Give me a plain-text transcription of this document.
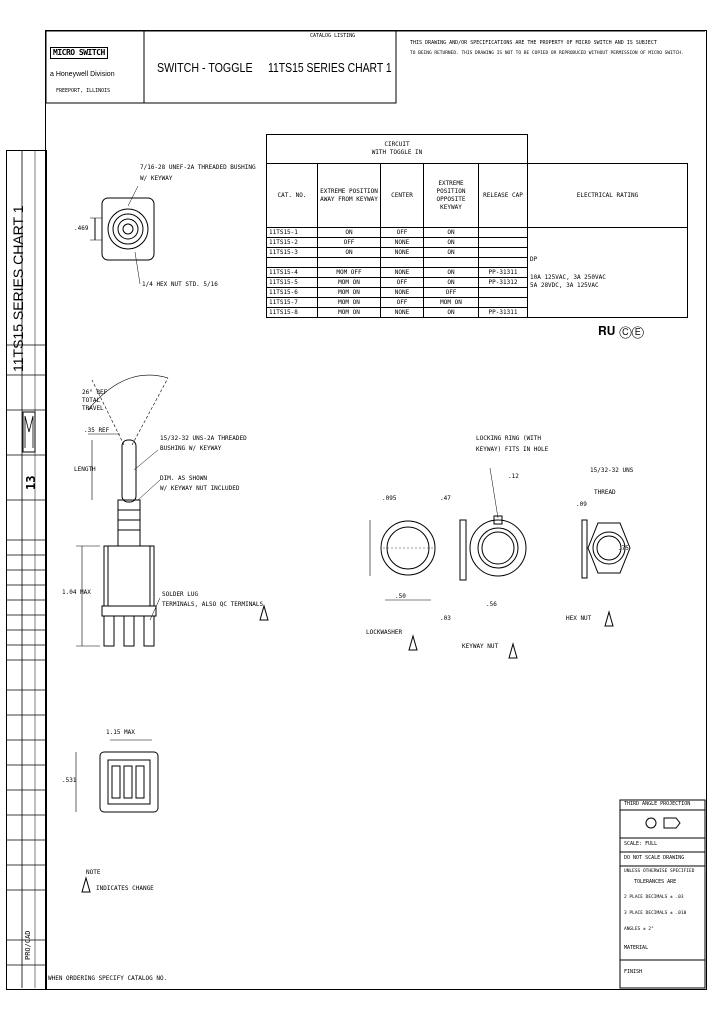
𝐑𝐔 ⒸⒺ
MICRO SWITCH
a Honeywell Division
FREEPORT, ILLINOIS
CATALOG LISTING
SWITCH - TOGGLE 11TS15 SERIES CHART 1
THIS DRAWING AND/OR SPECIFICATIONS ARE THE PROPERTY OF MICRO SWITCH AND IS SUBJECT
TO BEING RETURNED. THIS DRAWING IS NOT TO BE COPIED OR REPRODUCED WITHOUT PERMISSION OF MICRO SWITCH.
11TS15 SERIES CHART 1
13
PRO/CAD
CIRCUIT
WITH TOGGLE IN					
CAT. NO.	EXTREME POSITION AWAY FROM KEYWAY	CENTER	EXTREME POSITION OPPOSITE KEYWAY	RELEASE CAP	ELECTRICAL RATING
11TS15-1	ON	OFF	ON		DP
10A 125VAC, 3A 250VAC
5A 28VDC, 3A 125VAC

11TS15-2	OFF	NONE	ON		
11TS15-3	ON	NONE	ON		

11TS15-4	MOM OFF	NONE	ON	PP-31311	
11TS15-5	MOM ON	OFF	ON	PP-31312	
11TS15-6	MOM ON	NONE	OFF		
11TS15-7	MOM ON	OFF	MOM ON		
11TS15-8	MOM ON	NONE	ON	PP-31311	
7/16-28 UNEF-2A THREADED BUSHING
W/ KEYWAY
.469
1/4 HEX NUT STD. 5/16
26° REF
TOTAL
TRAVEL
.35 REF
LENGTH
15/32-32 UNS-2A THREADED
BUSHING W/ KEYWAY
DIM. AS SHOWN
W/ KEYWAY NUT INCLUDED
1.04 MAX	SOLDER LUG
TERMINALS, ALSO QC TERMINALS
1.15 MAX
.531
.095
.50
.47
LOCKWASHER
LOCKING RING (WITH
KEYWAY) FITS IN HOLE
.12
.56
.03
KEYWAY NUT
15/32-32 UNS
THREAD
.09
.75
HEX NUT
NOTE
INDICATES CHANGE
WHEN ORDERING SPECIFY CATALOG NO.
THIRD ANGLE PROJECTION
SCALE: FULL
DO NOT SCALE DRAWING
UNLESS OTHERWISE SPECIFIED
TOLERANCES ARE
2 PLACE DECIMALS ± .03
3 PLACE DECIMALS ± .010
ANGLES ± 2°
MATERIAL
FINISH
